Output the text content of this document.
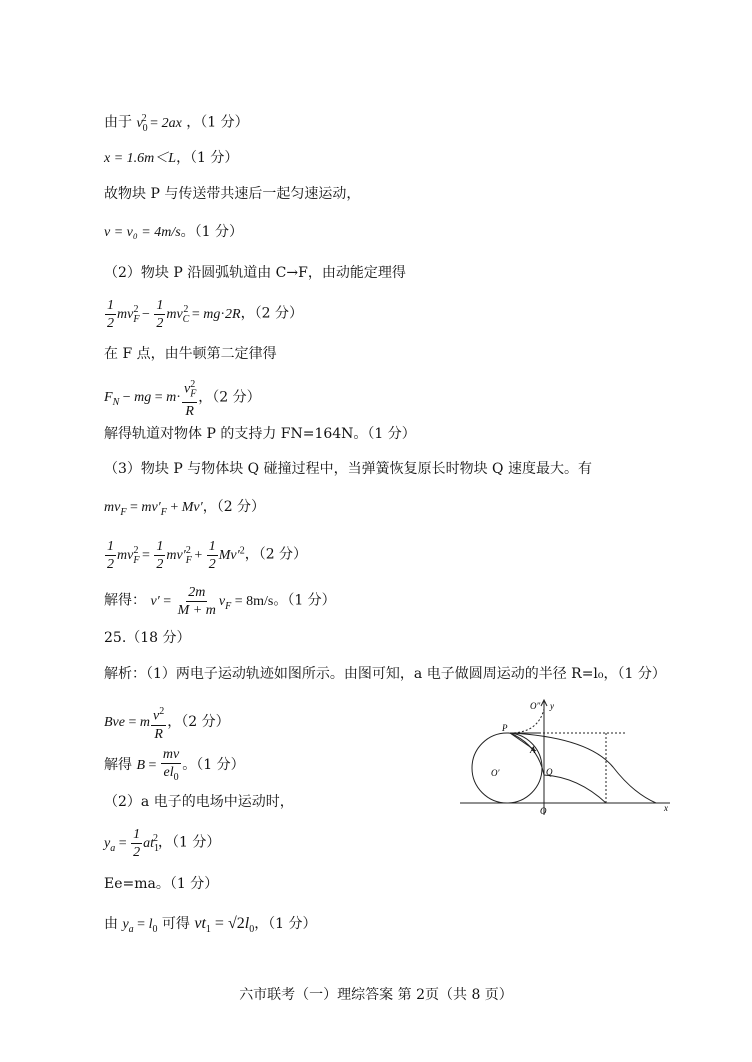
由于 $v_0^2 = 2ax$ ，（1 分）
x = 1.6m＜L，（1 分）
故物块 P 与传送带共速后一起匀速运动，
v = v₀ = 4m/s。（1 分）
（2）物块 P 沿圆弧轨道由 C→F，由动能定理得
$\frac{1}{2} mv_F^2 - \frac{1}{2} mv_C^2 = mg\cdot 2R$，（2 分）
在 F 点，由牛顿第二定律得
$F_N$ − mg = $m\cdot \frac{v_F^2}{R}$ ，（2 分）
解得轨道对物体 P 的支持力 FN=164N。（1 分）
（3）物块 P 与物体块 Q 碰撞过程中，当弹簧恢复原长时物块 Q 速度最大。有
$mv_F = mv'_F + Mv'$，（2 分）
$\frac{1}{2} mv_F^2 = \frac{1}{2} mv'_F^2 + \frac{1}{2} Mv'^2$，（2 分）
解得： $v' = \frac{2m}{M + m} v_F = 8m/s$。（1 分）
25.（18 分）
解析：（1）两电子运动轨迹如图所示。由图可知，a 电子做圆周运动的半径 R=l₀，（1 分）
Bve = m $\frac{v^2}{R}$ ，（2 分）
解得 $B = \frac{mv}{el_0}$ 。（1 分）
（2）a 电子的电场中运动时，
$y_a = \frac{1}{2} at_1^2$，（1 分）
Ee=ma。（1 分）
由 $y_a = l_0$ 可得 $vt_1 = √2l_0$，（1 分）
O″ y
P
A
O′	Q
O	x
六市联考（一）理综答案 第 2页（共 8 页）
